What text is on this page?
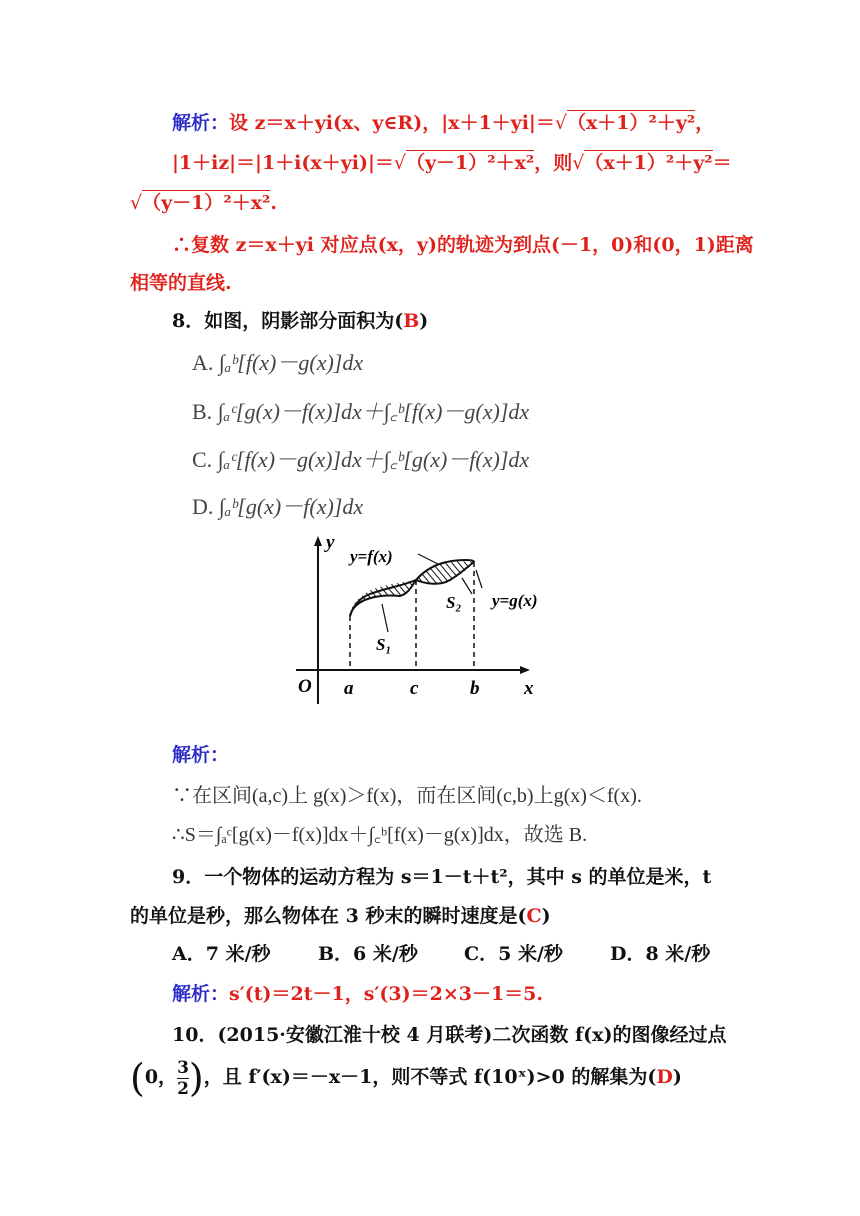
解析：设 z＝x＋yi(x、y∈R)，|x＋1＋yi|＝√（x＋1）²＋y²，
|1＋iz|＝|1＋i(x＋yi)|＝√（y－1）²＋x²，则√（x＋1）²＋y²＝
√（y－1）²＋x².
∴复数 z＝x＋yi 对应点(x，y)的轨迹为到点(－1，0)和(0，1)距离
相等的直线.
8．如图，阴影部分面积为(B)
A. ∫ₐᵇ[f(x)－g(x)]dx
B. ∫ₐᶜ[g(x)－f(x)]dx＋∫꜀ᵇ[f(x)－g(x)]dx
C. ∫ₐᶜ[f(x)－g(x)]dx＋∫꜀ᵇ[g(x)－f(x)]dx
D. ∫ₐᵇ[g(x)－f(x)]dx
y
y=f(x)
y=g(x)
S₂
S₁
O a	c	b x
解析：
∵在区间(a,c)上 g(x)＞f(x)，而在区间(c,b)上g(x)＜f(x).
∴S＝∫ₐᶜ[g(x)－f(x)]dx＋∫꜀ᵇ[f(x)－g(x)]dx，故选 B.
9．一个物体的运动方程为 s＝1－t＋t²，其中 s 的单位是米，t
的单位是秒，那么物体在 3 秒末的瞬时速度是(C)
A．7 米/秒 B．6 米/秒 C．5 米/秒 D．8 米/秒
解析：s′(t)＝2t－1，s′(3)＝2×3－1＝5.
10．(2015·安徽江淮十校 4 月联考)二次函数 f(x)的图像经过点
(0， $\frac{3}{2}$ )，且 f′(x)＝－x－1，则不等式 f(10ˣ)>0 的解集为(D)
